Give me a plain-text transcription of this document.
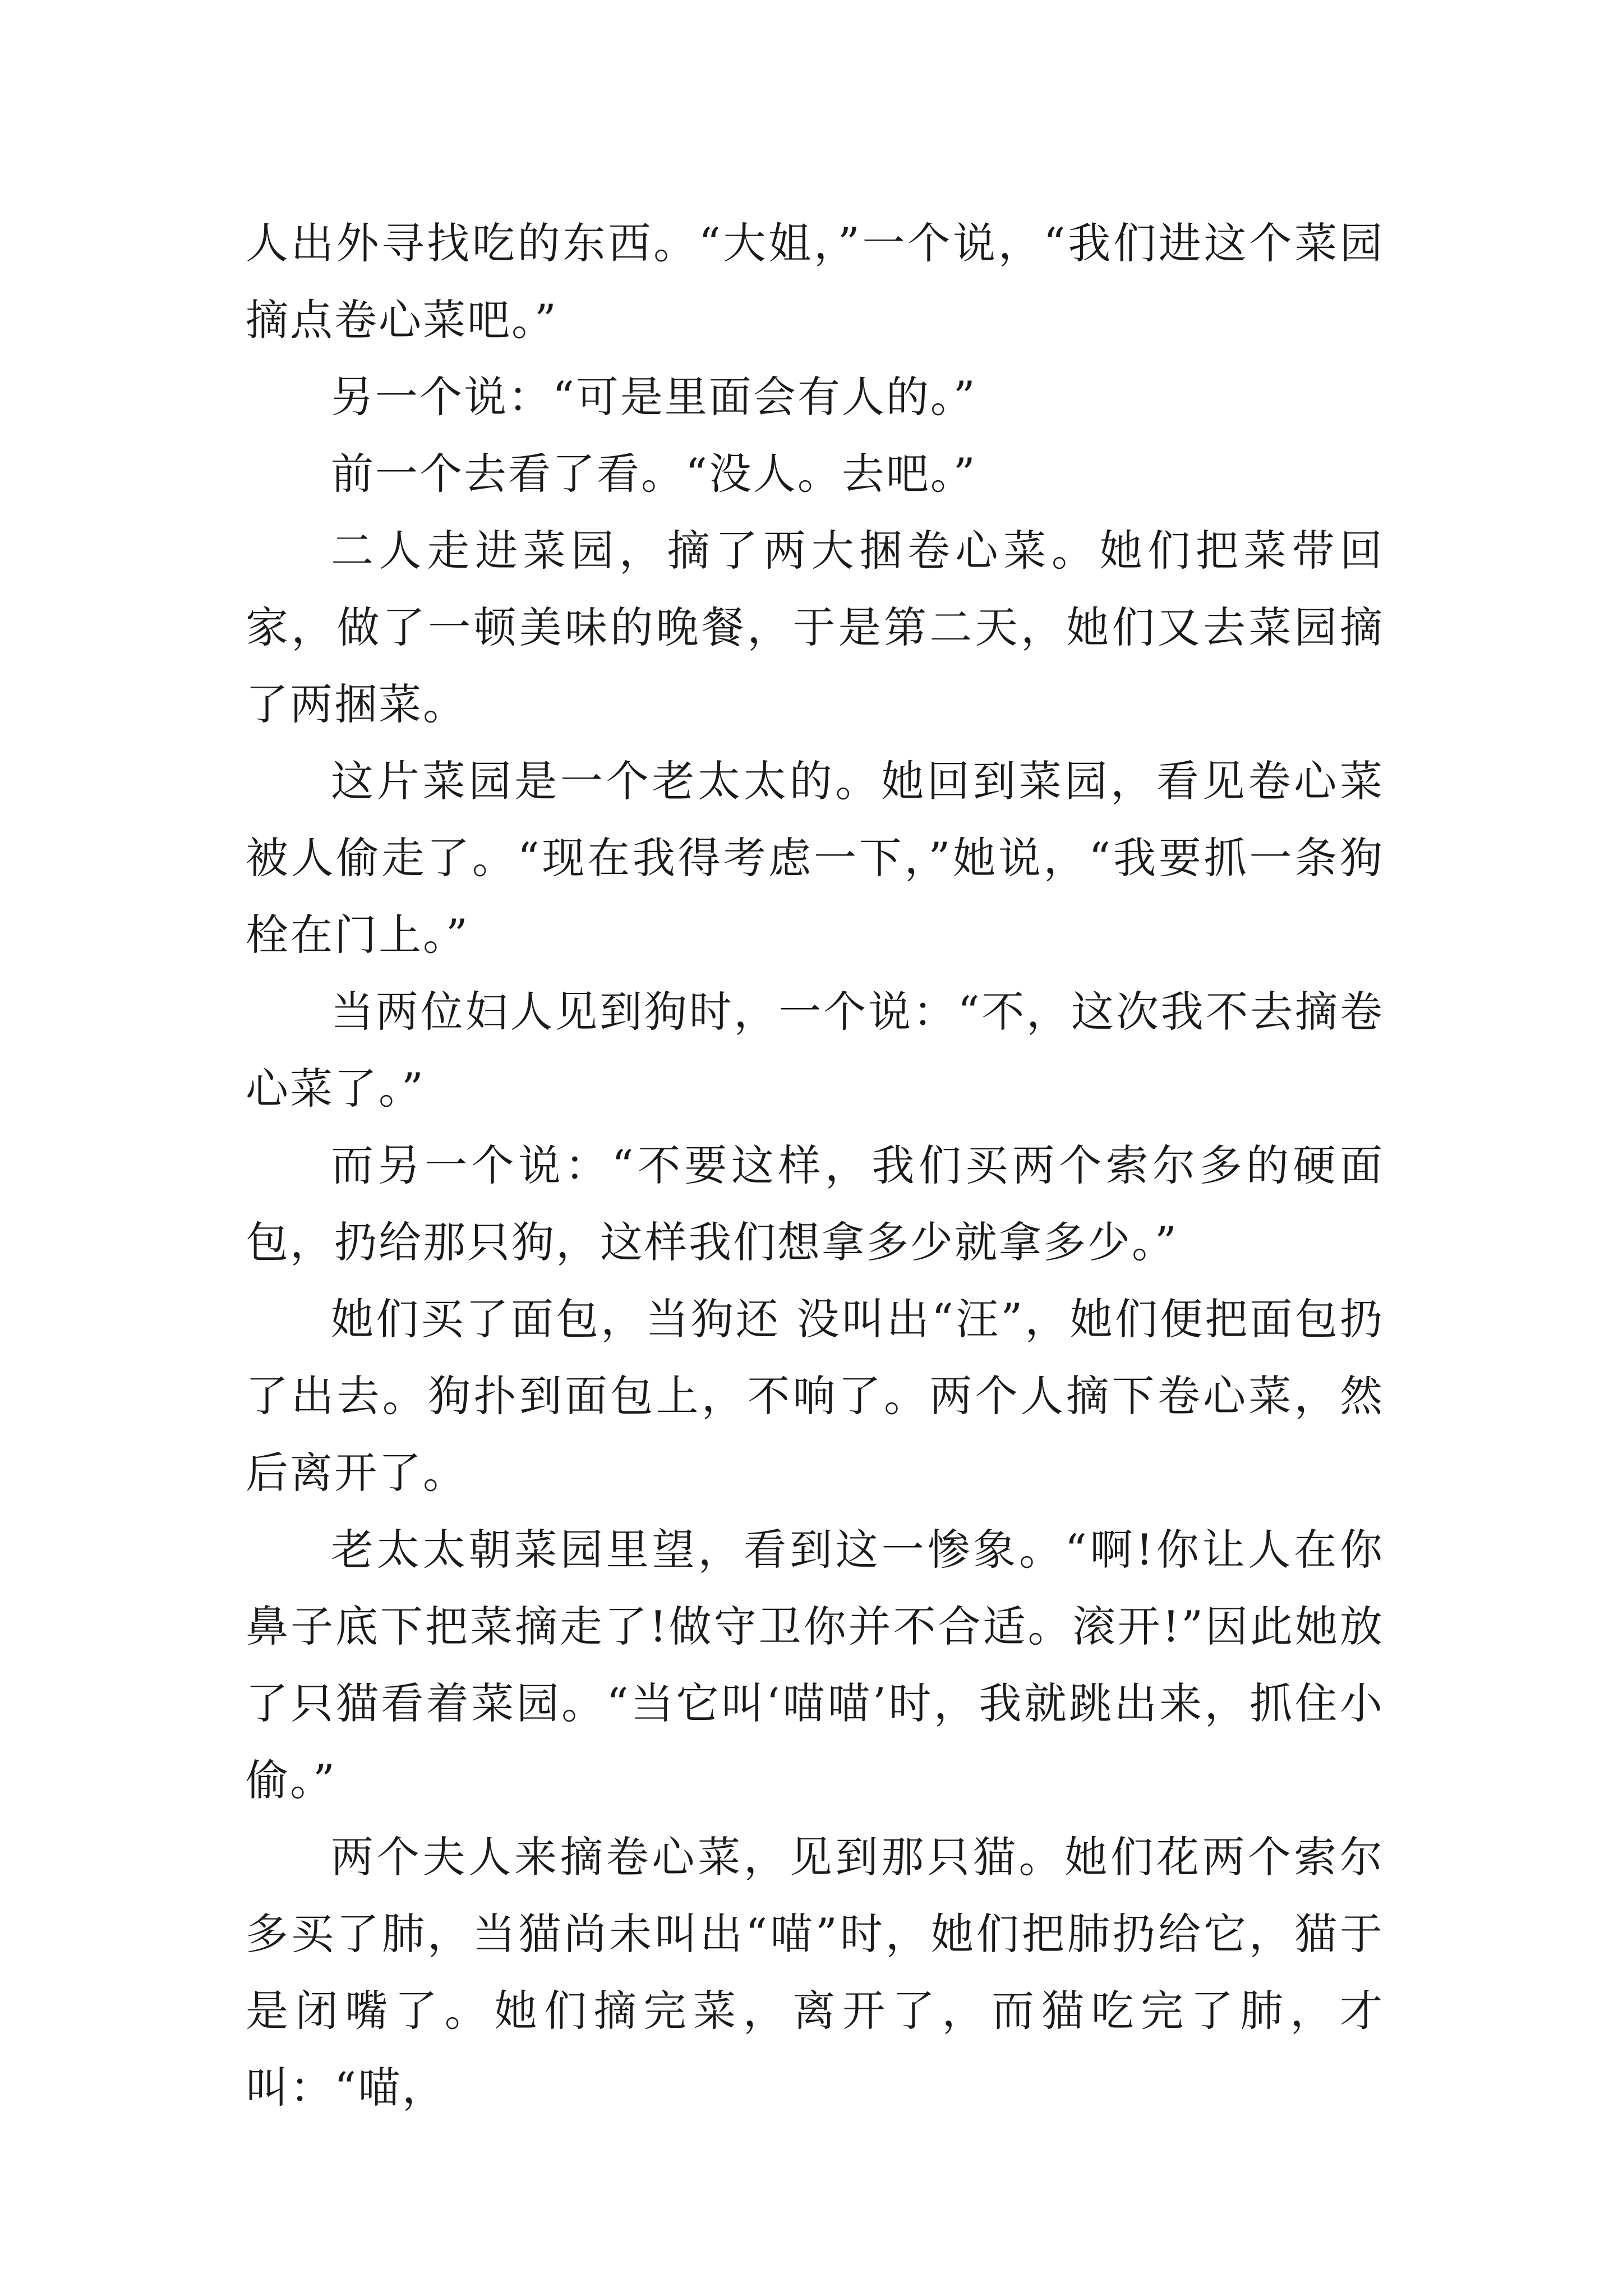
人出外寻找吃的东西。“大姐，”一个说，“我们进这个菜园摘点卷心菜吧。”

另一个说：“可是里面会有人的。”

前一个去看了看。“没人。去吧。”

二人走进菜园，摘了两大捆卷心菜。她们把菜带回家，做了一顿美味的晚餐，于是第二天，她们又去菜园摘了两捆菜。

这片菜园是一个老太太的。她回到菜园，看见卷心菜被人偷走了。“现在我得考虑一下，”她说，“我要抓一条狗栓在门上。”

当两位妇人见到狗时，一个说：“不，这次我不去摘卷心菜了。”

而另一个说：“不要这样，我们买两个索尔多的硬面包，扔给那只狗，这样我们想拿多少就拿多少。”

她们买了面包，当狗还 没叫出“汪”，她们便把面包扔了出去。狗扑到面包上，不响了。两个人摘下卷心菜，然后离开了。

老太太朝菜园里望，看到这一惨象。“啊!你让人在你鼻子底下把菜摘走了!做守卫你并不合适。滚开!”因此她放了只猫看着菜园。“当它叫‘喵喵’时，我就跳出来，抓住小偷。”

两个夫人来摘卷心菜，见到那只猫。她们花两个索尔多买了肺，当猫尚未叫出“喵”时，她们把肺扔给它，猫于是闭嘴了。她们摘完菜，离开了，而猫吃完了肺，才叫：“喵，
